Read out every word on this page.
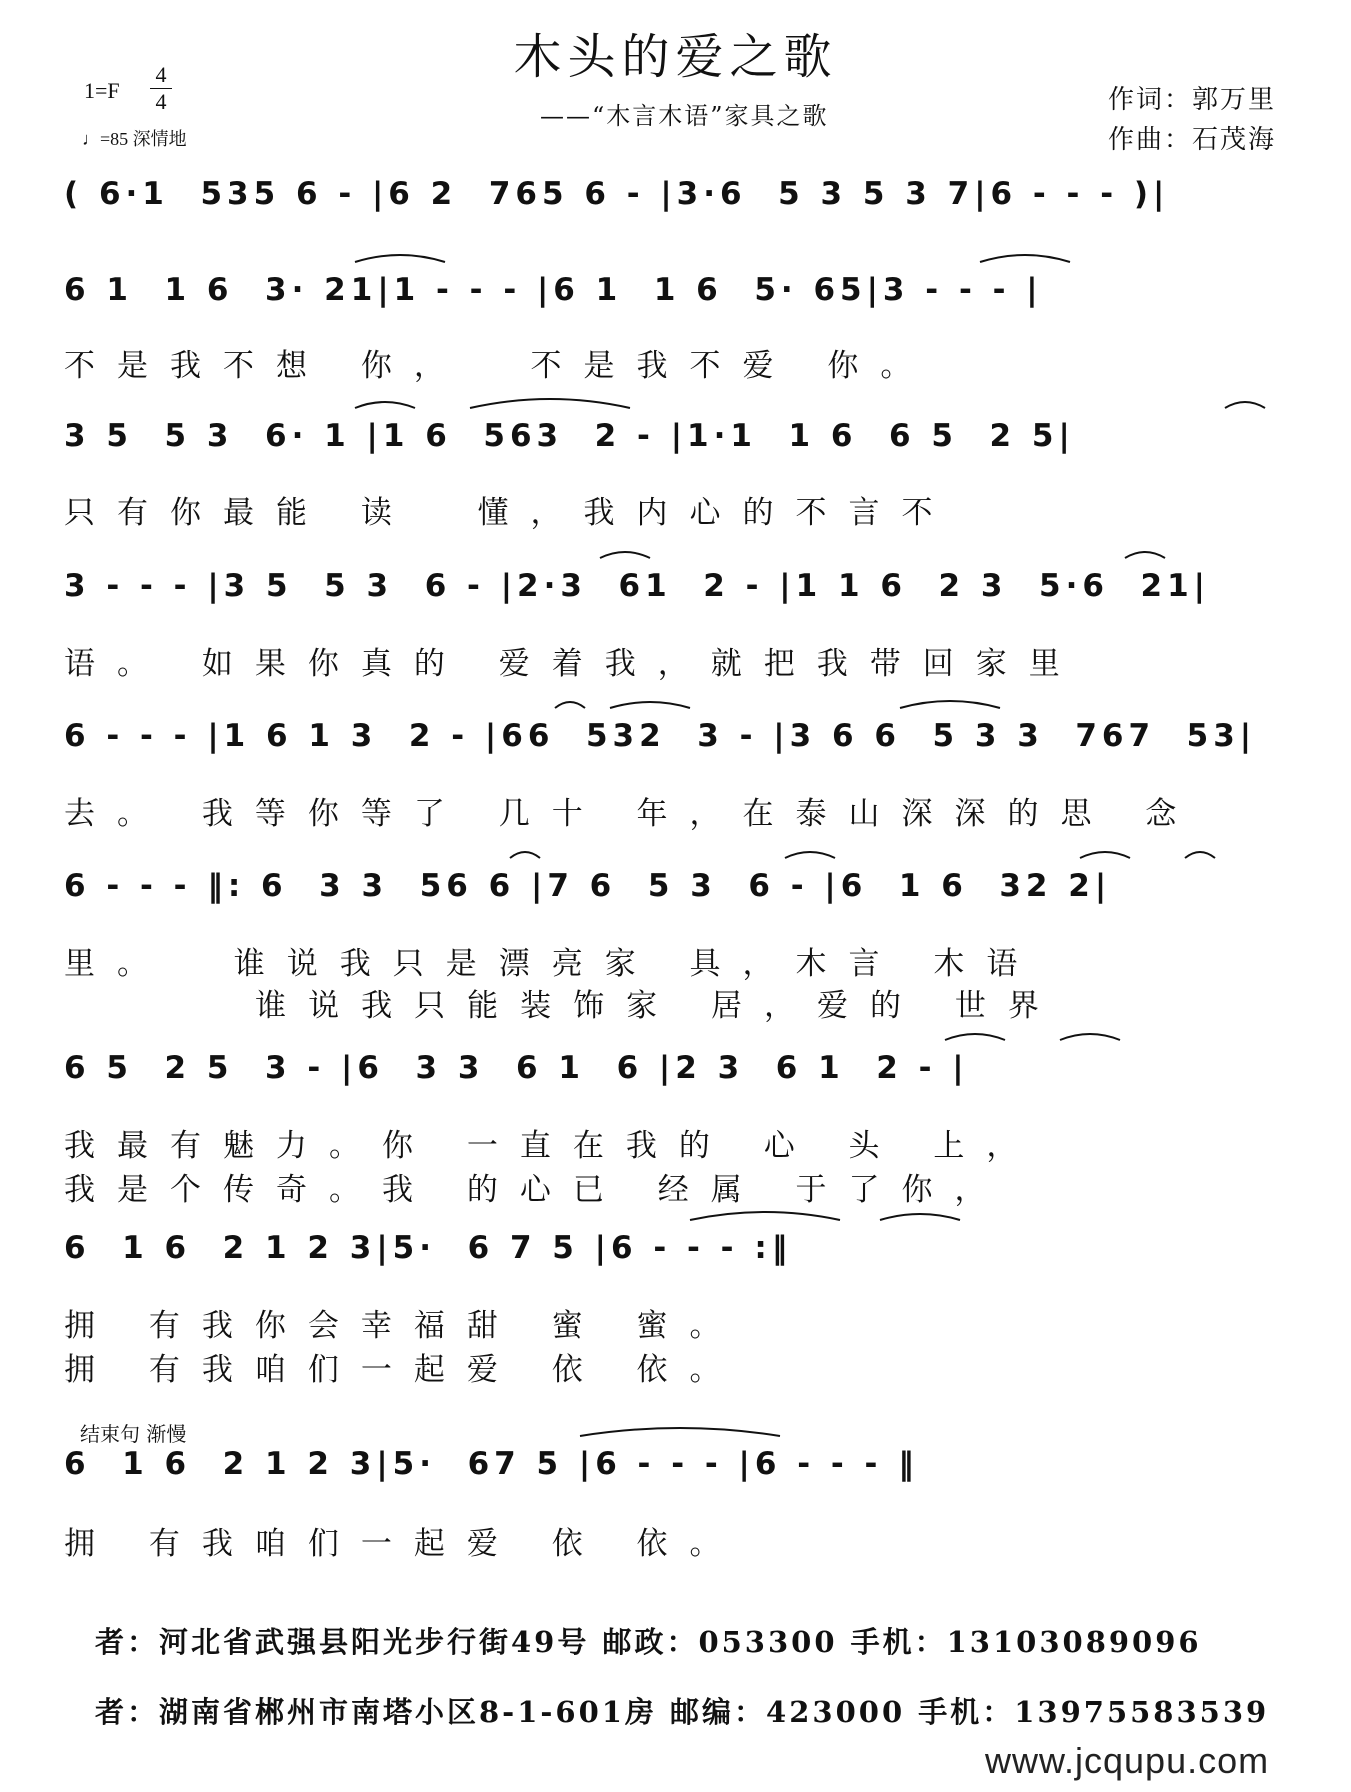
木头的爱之歌
——“木言木语”家具之歌
1=F
4
4
♩=85 深情地
作词：郭万里
作曲：石茂海
( 6·1  535 6 - |6 2  765 6 - |3·6  5 3 5 3 7|6 - - - )|
6 1  1 6  3· 21|1 - - - |6 1  1 6  5· 65|3 - - - |
不是我不想 你，  不是我不爱 你。
3 5  5 3  6· 1 |1 6  563  2 - |1·1  1 6  6 5  2 5|
只有你最能 读  懂，我内心的不言不
3 - - - |3 5  5 3  6 - |2·3  61  2 - |1 1 6  2 3  5·6  21|
语。 如果你真的 爱着我，就把我带回家里
6 - - - |1 6 1 3  2 - |66  532  3 - |3 6 6  5 3 3  767  53|
去。 我等你等了 几十 年，在泰山深深的思 念
6 - - - ‖: 6  3 3  56 6 |7 6  5 3  6 - |6  1 6  32 2|
里。  谁说我只是漂亮家 具，木言 木语
谁说我只能装饰家 居，爱的 世界
6 5  2 5  3 - |6  3 3  6 1  6 |2 3  6 1  2 - |
我最有魅力。你 一直在我的 心 头 上，
我是个传奇。我 的心已 经属 于了你，
6  1 6  2 1 2 3|5·  6 7 5 |6 - - - :‖
拥 有我你会幸福甜 蜜 蜜。
拥 有我咱们一起爱 依 依。
结束句 渐慢
6  1 6  2 1 2 3|5·  67 5 |6 - - - |6 - - - ‖
拥 有我咱们一起爱 依 依。
者：河北省武强县阳光步行街49号 邮政：053300 手机：13103089096
者：湖南省郴州市南塔小区8-1-601房 邮编：423000 手机：13975583539
www.jcqupu.com
